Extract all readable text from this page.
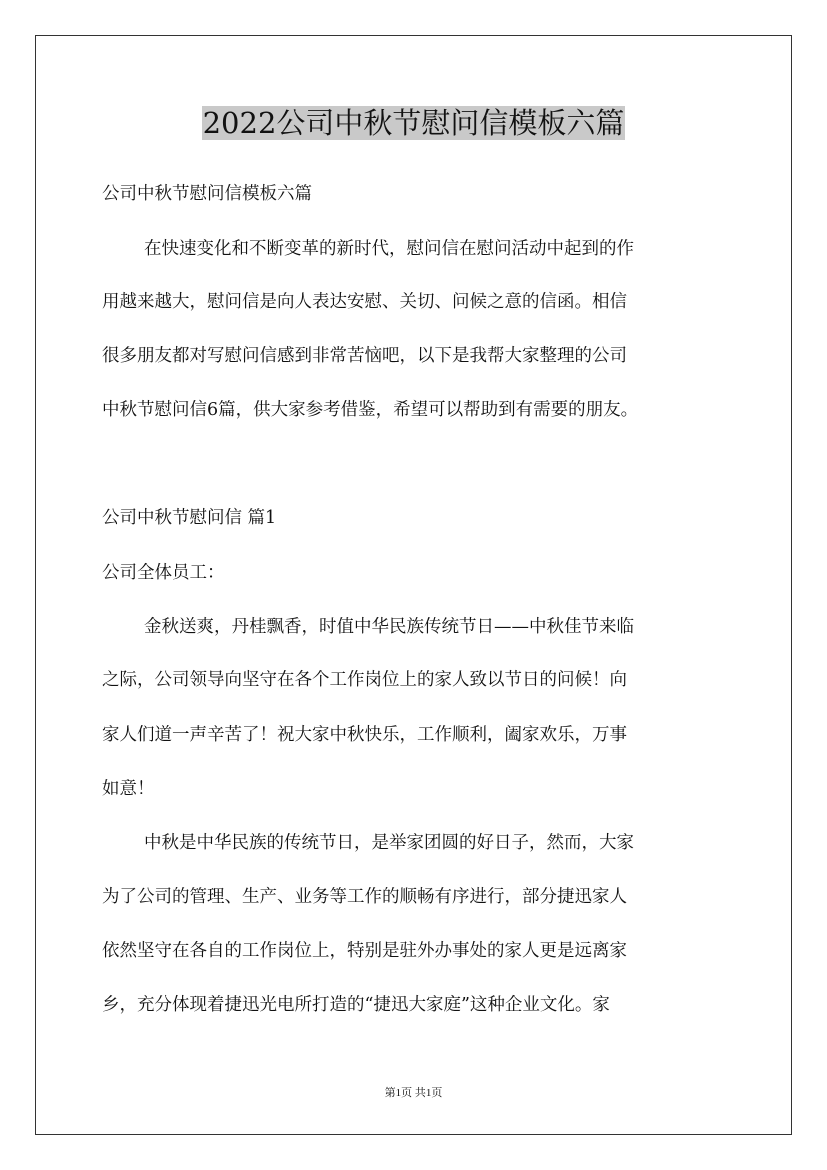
2022公司中秋节慰问信模板六篇

公司中秋节慰问信模板六篇

在快速变化和不断变革的新时代，慰问信在慰问活动中起到的作

用越来越大，慰问信是向人表达安慰、关切、问候之意的信函。相信

很多朋友都对写慰问信感到非常苦恼吧，以下是我帮大家整理的公司

中秋节慰问信6篇，供大家参考借鉴，希望可以帮助到有需要的朋友。

公司中秋节慰问信 篇1

公司全体员工：

金秋送爽，丹桂飘香，时值中华民族传统节日——中秋佳节来临

之际，公司领导向坚守在各个工作岗位上的家人致以节日的问候！向

家人们道一声辛苦了！祝大家中秋快乐，工作顺利，阖家欢乐，万事

如意！

中秋是中华民族的传统节日，是举家团圆的好日子，然而，大家

为了公司的管理、生产、业务等工作的顺畅有序进行，部分捷迅家人

依然坚守在各自的工作岗位上，特别是驻外办事处的家人更是远离家

乡，充分体现着捷迅光电所打造的“捷迅大家庭”这种企业文化。家

第1页 共1页
